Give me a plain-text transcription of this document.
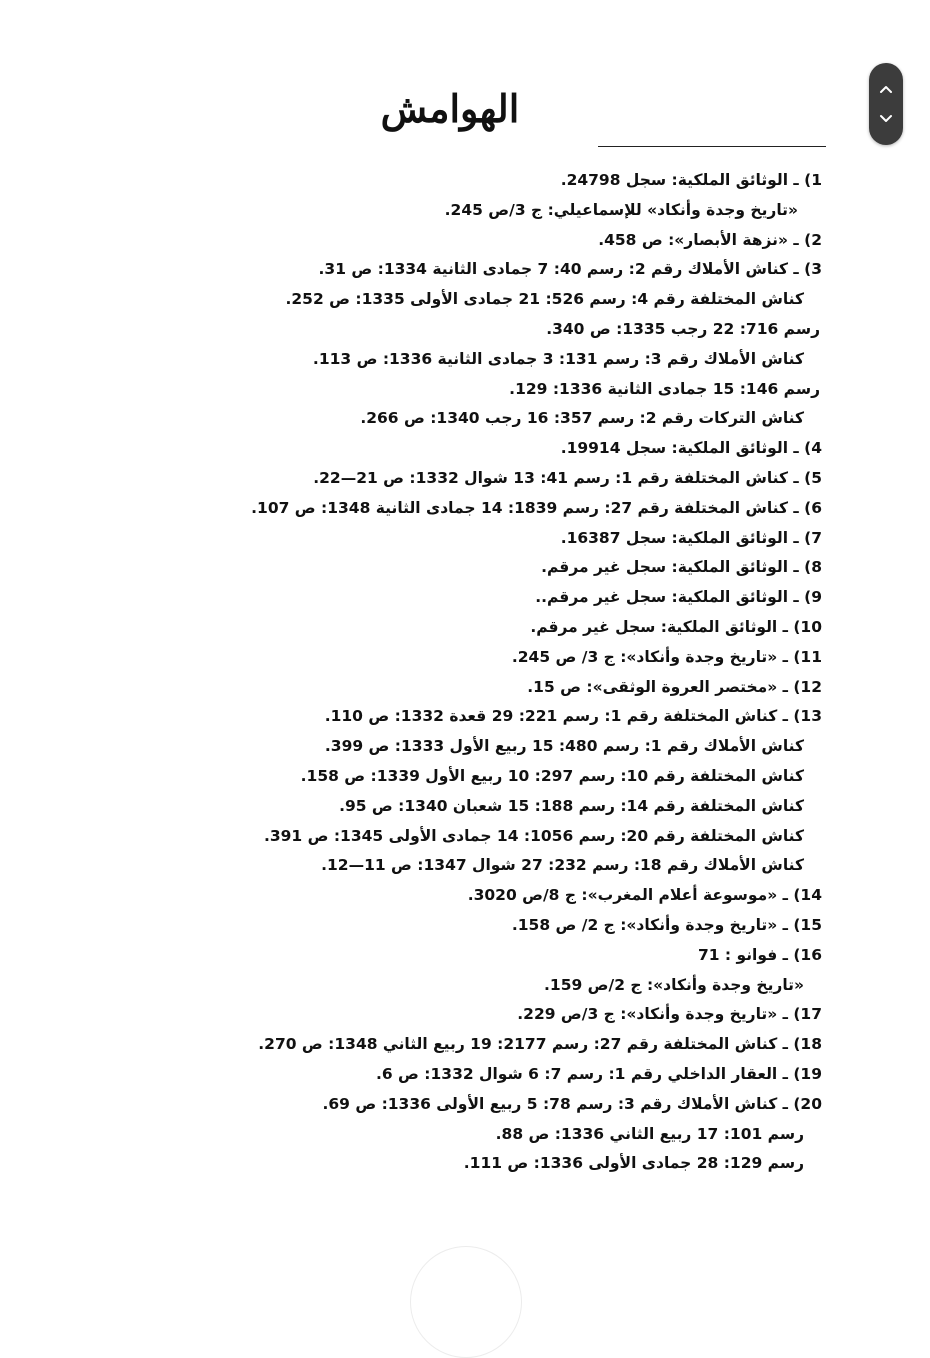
الهوامش
1) ـ الوثائق الملكية: سجل 24798.
«تاريخ وجدة وأنكاد» للإسماعيلي: ج 3/ص 245.
2) ـ «نزهة الأبصار»: ص 458.
3) ـ كناش الأملاك رقم 2: رسم 40: 7 جمادى الثانية 1334: ص 31.
كناش المختلفة رقم 4: رسم 526: 21 جمادى الأولى 1335: ص 252.
رسم 716: 22 رجب 1335: ص 340.
كناش الأملاك رقم 3: رسم 131: 3 جمادى الثانية 1336: ص 113.
رسم 146: 15 جمادى الثانية 1336: 129.
كناش التركات رقم 2: رسم 357: 16 رجب 1340: ص 266.
4) ـ الوثائق الملكية: سجل 19914.
5) ـ كناش المختلفة رقم 1: رسم 41: 13 شوال 1332: ص 21—22.
6) ـ كناش المختلفة رقم 27: رسم 1839: 14 جمادى الثانية 1348: ص 107.
7) ـ الوثائق الملكية: سجل 16387.
8) ـ الوثائق الملكية: سجل غير مرقم.
9) ـ الوثائق الملكية: سجل غير مرقم..
10) ـ الوثائق الملكية: سجل غير مرقم.
11) ـ «تاريخ وجدة وأنكاد»: ج 3/ ص 245.
12) ـ «مختصر العروة الوثقى»: ص 15.
13) ـ كناش المختلفة رقم 1: رسم 221: 29 قعدة 1332: ص 110.
كناش الأملاك رقم 1: رسم 480: 15 ربيع الأول 1333: ص 399.
كناش المختلفة رقم 10: رسم 297: 10 ربيع الأول 1339: ص 158.
كناش المختلفة رقم 14: رسم 188: 15 شعبان 1340: ص 95.
كناش المختلفة رقم 20: رسم 1056: 14 جمادى الأولى 1345: ص 391.
كناش الأملاك رقم 18: رسم 232: 27 شوال 1347: ص 11—12.
14) ـ «موسوعة أعلام المغرب»: ج 8/ص 3020.
15) ـ «تاريخ وجدة وأنكاد»: ج 2/ ص 158.
16) ـ فوانو : 71
«تاريخ وجدة وأنكاد»: ج 2/ص 159.
17) ـ «تاريخ وجدة وأنكاد»: ج 3/ص 229.
18) ـ كناش المختلفة رقم 27: رسم 2177: 19 ربيع الثاني 1348: ص 270.
19) ـ العقار الداخلي رقم 1: رسم 7: 6 شوال 1332: ص 6.
20) ـ كناش الأملاك رقم 3: رسم 78: 5 ربيع الأولى 1336: ص 69.
رسم 101: 17 ربيع الثاني 1336: ص 88.
رسم 129: 28 جمادى الأولى 1336: ص 111.
